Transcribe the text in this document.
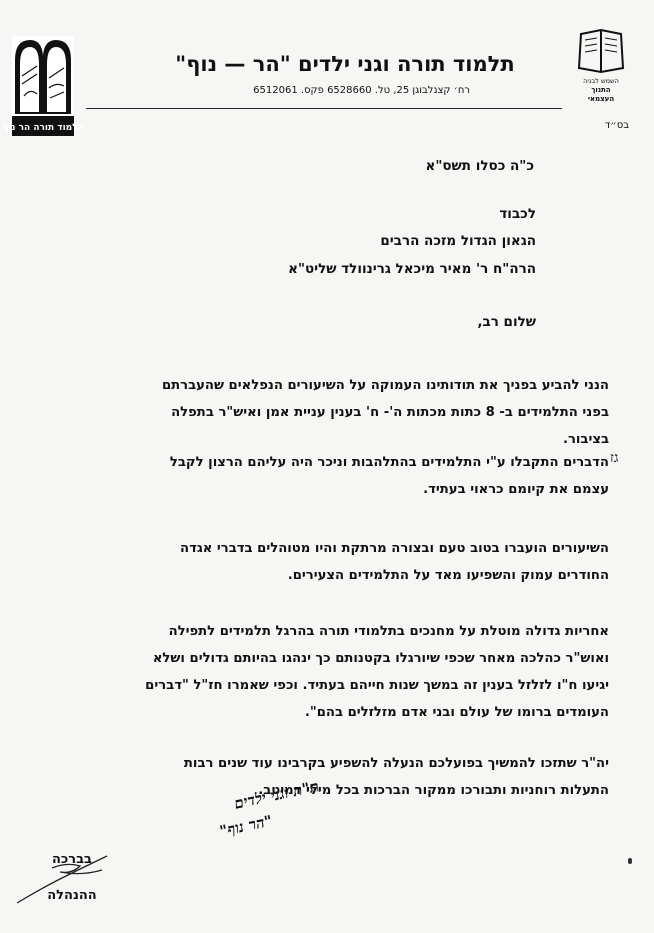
תלמוד תורה הר נוף
תלמוד תורה וגני ילדים "הר — נוף"
רח׳ קצנלבוגן 25, טל. 6528660 פקס. 6512061
השמש לבניה
התנוך
העצמאי
בס״ד
כ"ה כסלו תשס"א
לכבוד
הגאון הגדול מזכה הרבים
הרה"ח ר' מאיר מיכאל גרינוולד שליט"א
שלום רב,
הנני להביע בפניך את תודותינו העמוקה על השיעורים הנפלאים שהעברתם
בפני התלמידים ב- 8 כתות מכתות ה'- ח' בענין עניית אמן ואיש"ר בתפלה
בציבור.
הדברים התקבלו ע"י התלמידים בהתלהבות וניכר היה עליהם הרצון לקבל
עצמם את קיומם כראוי בעתיד.
השיעורים הועברו בטוב טעם ובצורה מרתקת והיו מטוהלים בדברי אגדה
החודרים עמוק והשפיעו מאד על התלמידים הצעירים.
אחריות גדולה מוטלת על מחנכים בתלמודי תורה בהרגל תלמידים לתפילה
ואוש"ר כהלכה מאחר שכפי שיורגלו בקטנותם כך ינהגו בהיותם גדולים ושלא
יגיעו ח"ו לזלזל בענין זה במשך שנות חייהם בעתיד. וכפי שאמרו חז"ל "דברים
העומדים ברומו של עולם ובני אדם מזלזלים בהם".
יה"ר שתזכו להמשיך בפועלכם הנעלה להשפיע בקרבינו עוד שנים רבות
התעלות רוחניות ותבורכו ממקור הברכות בכל מילי דמיטב.
גז
ת"ת וגני ילדים
"הר נוף"
בברכה
ההנהלה
